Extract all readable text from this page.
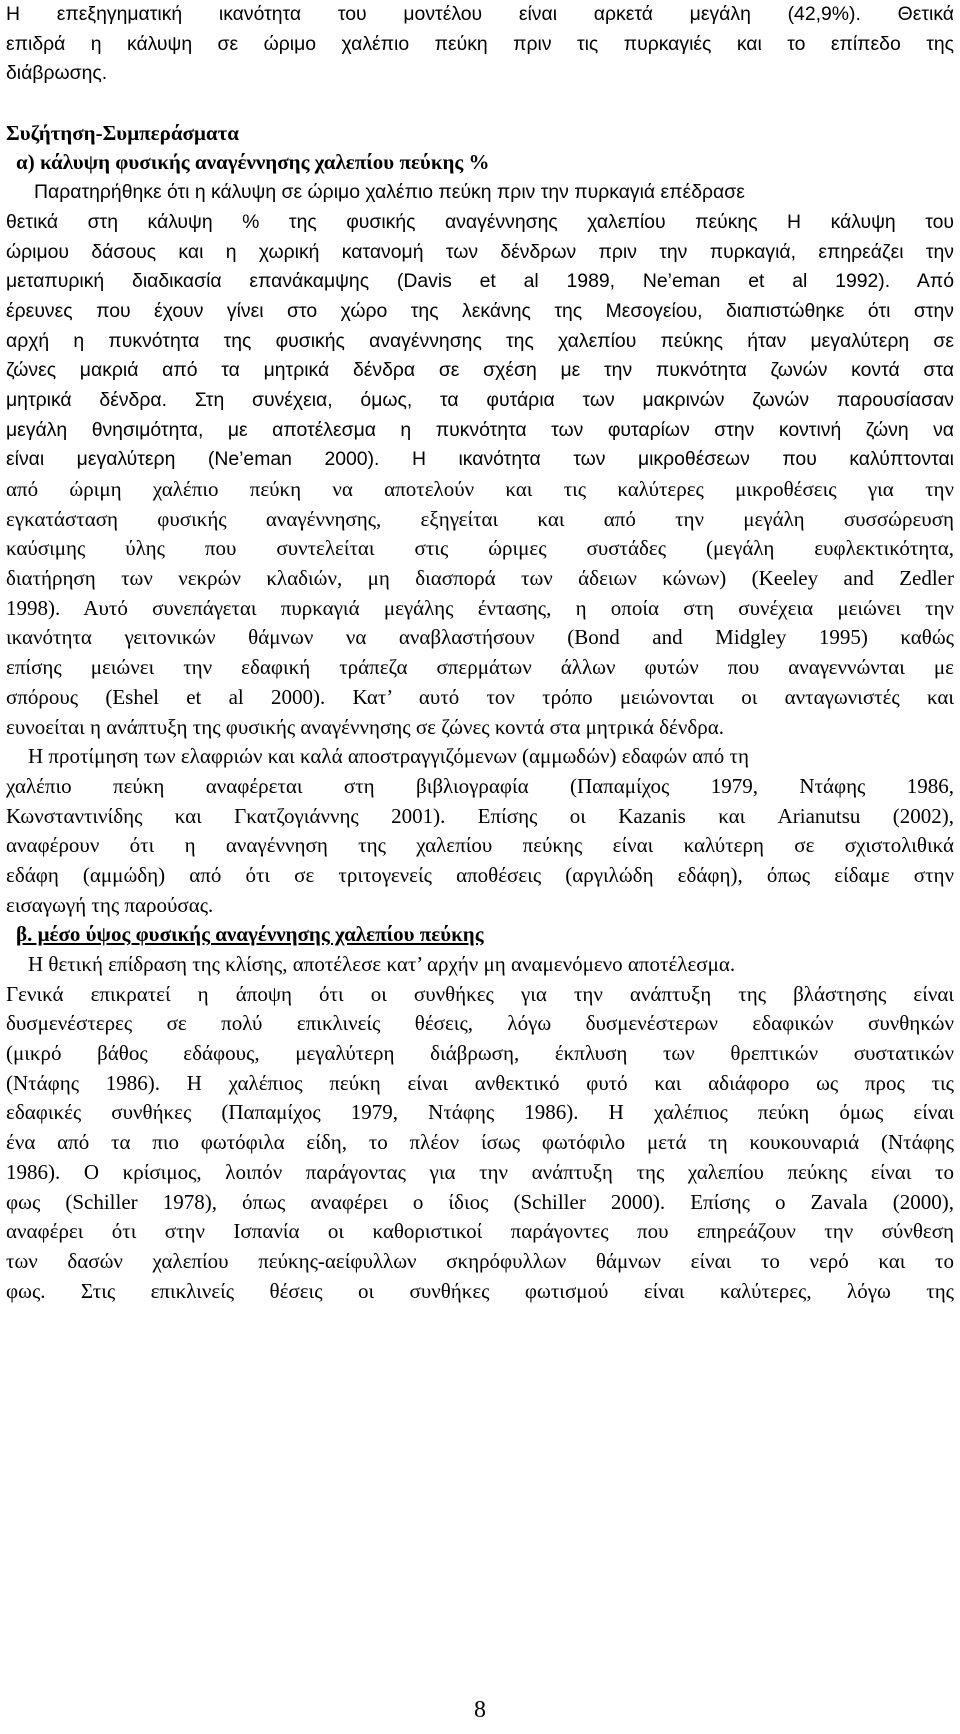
Η επεξηγηματική ικανότητα του μοντέλου είναι αρκετά μεγάλη (42,9%). Θετικά
επιδρά η κάλυψη σε ώριμο χαλέπιο πεύκη πριν τις πυρκαγιές και το επίπεδο της
διάβρωσης.
Συζήτηση-Συμπεράσματα
α) κάλυψη φυσικής αναγέννησης χαλεπίου πεύκης %
Παρατηρήθηκε ότι η κάλυψη σε ώριμο χαλέπιο πεύκη πριν την πυρκαγιά επέδρασε
θετικά στη κάλυψη % της φυσικής αναγέννησης χαλεπίου πεύκης Η κάλυψη του
ώριμου δάσους και η χωρική κατανομή των δένδρων πριν την πυρκαγιά, επηρεάζει την
μεταπυρική διαδικασία επανάκαμψης (Davis et al 1989, Ne’eman et al 1992). Από
έρευνες που έχουν γίνει στο χώρο της λεκάνης της Μεσογείου, διαπιστώθηκε ότι στην
αρχή η πυκνότητα της φυσικής αναγέννησης της χαλεπίου πεύκης ήταν μεγαλύτερη σε
ζώνες μακριά από τα μητρικά δένδρα σε σχέση με την πυκνότητα ζωνών κοντά στα
μητρικά δένδρα. Στη συνέχεια, όμως, τα φυτάρια των μακρινών ζωνών παρουσίασαν
μεγάλη θνησιμότητα, με αποτέλεσμα η πυκνότητα των φυταρίων στην κοντινή ζώνη να
είναι μεγαλύτερη (Ne’eman 2000). Η ικανότητα των μικροθέσεων που καλύπτονται
από ώριμη χαλέπιο πεύκη να αποτελούν και τις καλύτερες μικροθέσεις για την
εγκατάσταση φυσικής αναγέννησης, εξηγείται και από την μεγάλη συσσώρευση
καύσιμης ύλης που συντελείται στις ώριμες συστάδες (μεγάλη ευφλεκτικότητα,
διατήρηση των νεκρών κλαδιών, μη διασπορά των άδειων κώνων) (Keeley and Zedler
1998). Αυτό συνεπάγεται πυρκαγιά μεγάλης έντασης, η οποία στη συνέχεια μειώνει την
ικανότητα γειτονικών θάμνων να αναβλαστήσουν (Bond and Midgley 1995) καθώς
επίσης μειώνει την εδαφική τράπεζα σπερμάτων άλλων φυτών που αναγεννώνται με
σπόρους (Eshel et al 2000). Κατ’ αυτό τον τρόπο μειώνονται οι ανταγωνιστές και
ευνοείται η ανάπτυξη της φυσικής αναγέννησης σε ζώνες κοντά στα μητρικά δένδρα.
Η προτίμηση των ελαφριών και καλά αποστραγγιζόμενων (αμμωδών) εδαφών από τη
χαλέπιο πεύκη αναφέρεται στη βιβλιογραφία (Παπαμίχος 1979, Ντάφης 1986,
Κωνσταντινίδης και Γκατζογιάννης 2001). Επίσης οι Kazanis και Arianutsu (2002),
αναφέρουν ότι η αναγέννηση της χαλεπίου πεύκης είναι καλύτερη σε σχιστολιθικά
εδάφη (αμμώδη) από ότι σε τριτογενείς αποθέσεις (αργιλώδη εδάφη), όπως είδαμε στην
εισαγωγή της παρούσας.
β. μέσο ύψος φυσικής αναγέννησης χαλεπίου πεύκης
Η θετική επίδραση της κλίσης, αποτέλεσε κατ’ αρχήν μη αναμενόμενο αποτέλεσμα.
Γενικά επικρατεί η άποψη ότι οι συνθήκες για την ανάπτυξη της βλάστησης είναι
δυσμενέστερες σε πολύ επικλινείς θέσεις, λόγω δυσμενέστερων εδαφικών συνθηκών
(μικρό βάθος εδάφους, μεγαλύτερη διάβρωση, έκπλυση των θρεπτικών συστατικών
(Ντάφης 1986). Η χαλέπιος πεύκη είναι ανθεκτικό φυτό και αδιάφορο ως προς τις
εδαφικές συνθήκες (Παπαμίχος 1979, Ντάφης 1986). Η χαλέπιος πεύκη όμως είναι
ένα από τα πιο φωτόφιλα είδη, το πλέον ίσως φωτόφιλο μετά τη κουκουναριά (Ντάφης
1986). Ο κρίσιμος, λοιπόν παράγοντας για την ανάπτυξη της χαλεπίου πεύκης είναι το
φως (Schiller 1978), όπως αναφέρει ο ίδιος (Schiller 2000). Επίσης ο Zavala (2000),
αναφέρει ότι στην Ισπανία οι καθοριστικοί παράγοντες που επηρεάζουν την σύνθεση
των δασών χαλεπίου πεύκης-αείφυλλων σκηρόφυλλων θάμνων είναι το νερό και το
φως. Στις επικλινείς θέσεις οι συνθήκες φωτισμού είναι καλύτερες, λόγω της
8
